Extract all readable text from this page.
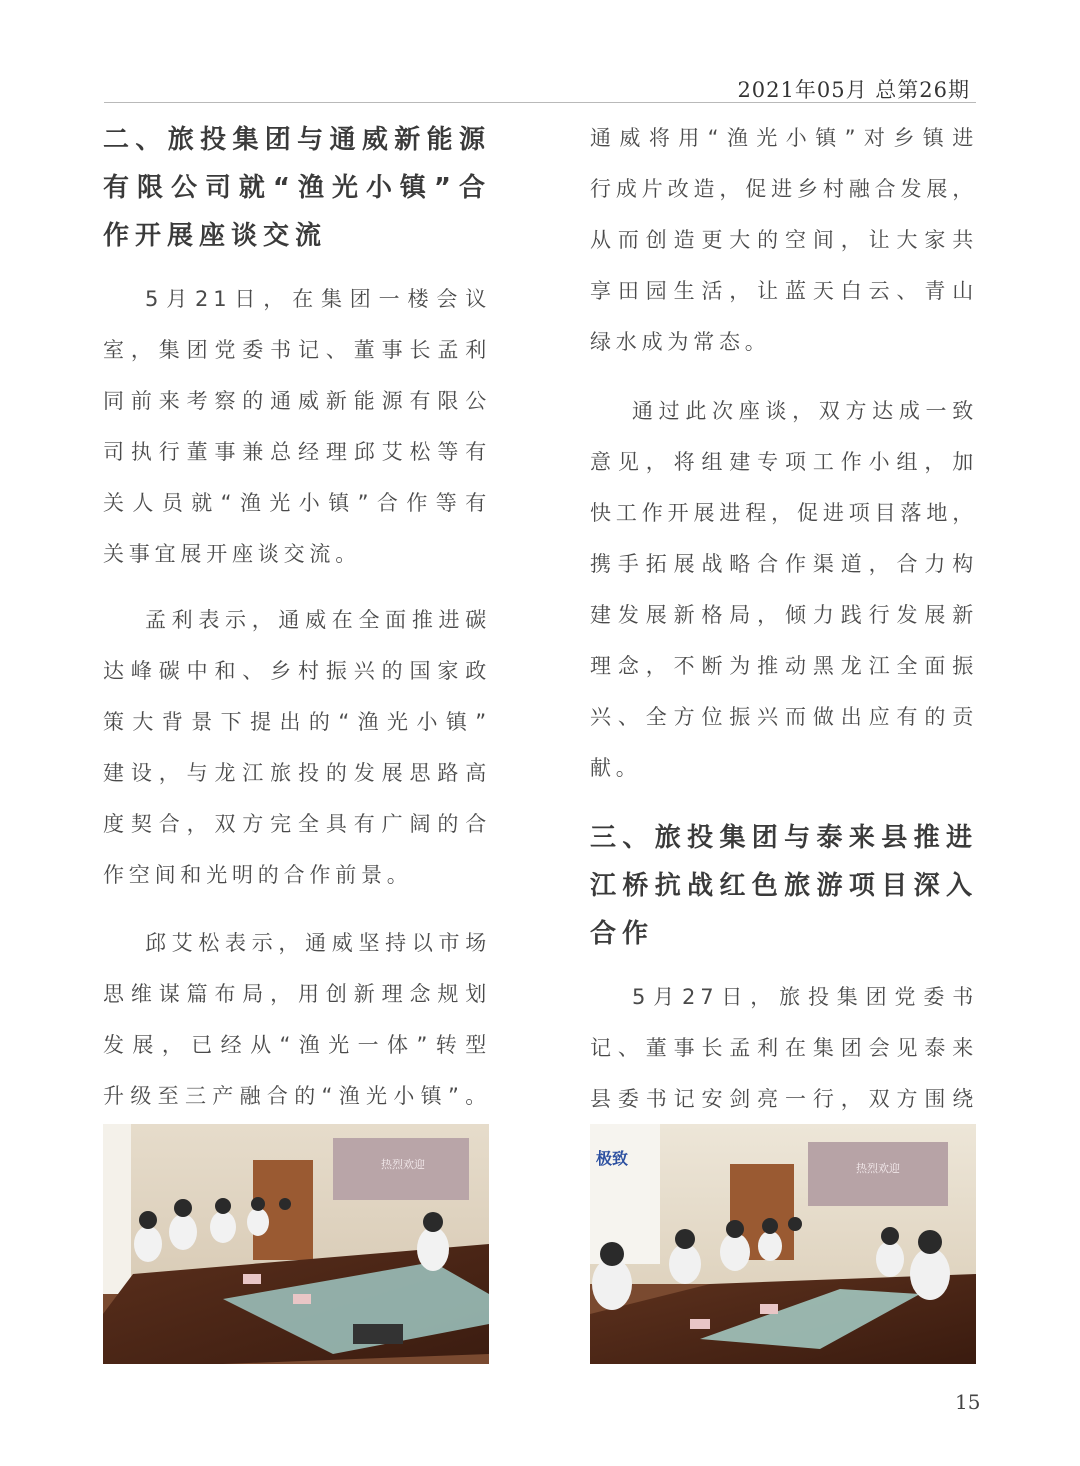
2021年05月 总第26期
二、旅投集团与通威新能源
有限公司就“渔光小镇”合
作开展座谈交流
5月21日，在集团一楼会议
室，集团党委书记、董事长孟利
同前来考察的通威新能源有限公
司执行董事兼总经理邱艾松等有
关人员就“渔光小镇”合作等有
关事宜展开座谈交流。
孟利表示，通威在全面推进碳
达峰碳中和、乡村振兴的国家政
策大背景下提出的“渔光小镇”
建设，与龙江旅投的发展思路高
度契合，双方完全具有广阔的合
作空间和光明的合作前景。
邱艾松表示，通威坚持以市场
思维谋篇布局，用创新理念规划
发展，已经从“渔光一体”转型
升级至三产融合的“渔光小镇”。
热烈欢迎
通威将用“渔光小镇”对乡镇进
行成片改造，促进乡村融合发展，
从而创造更大的空间，让大家共
享田园生活，让蓝天白云、青山
绿水成为常态。
通过此次座谈，双方达成一致
意见，将组建专项工作小组，加
快工作开展进程，促进项目落地，
携手拓展战略合作渠道，合力构
建发展新格局，倾力践行发展新
理念，不断为推动黑龙江全面振
兴、全方位振兴而做出应有的贡
献。
三、旅投集团与泰来县推进
江桥抗战红色旅游项目深入
合作
5月27日，旅投集团党委书
记、董事长孟利在集团会见泰来
县委书记安剑亮一行，双方围绕
极致
热烈欢迎
15
